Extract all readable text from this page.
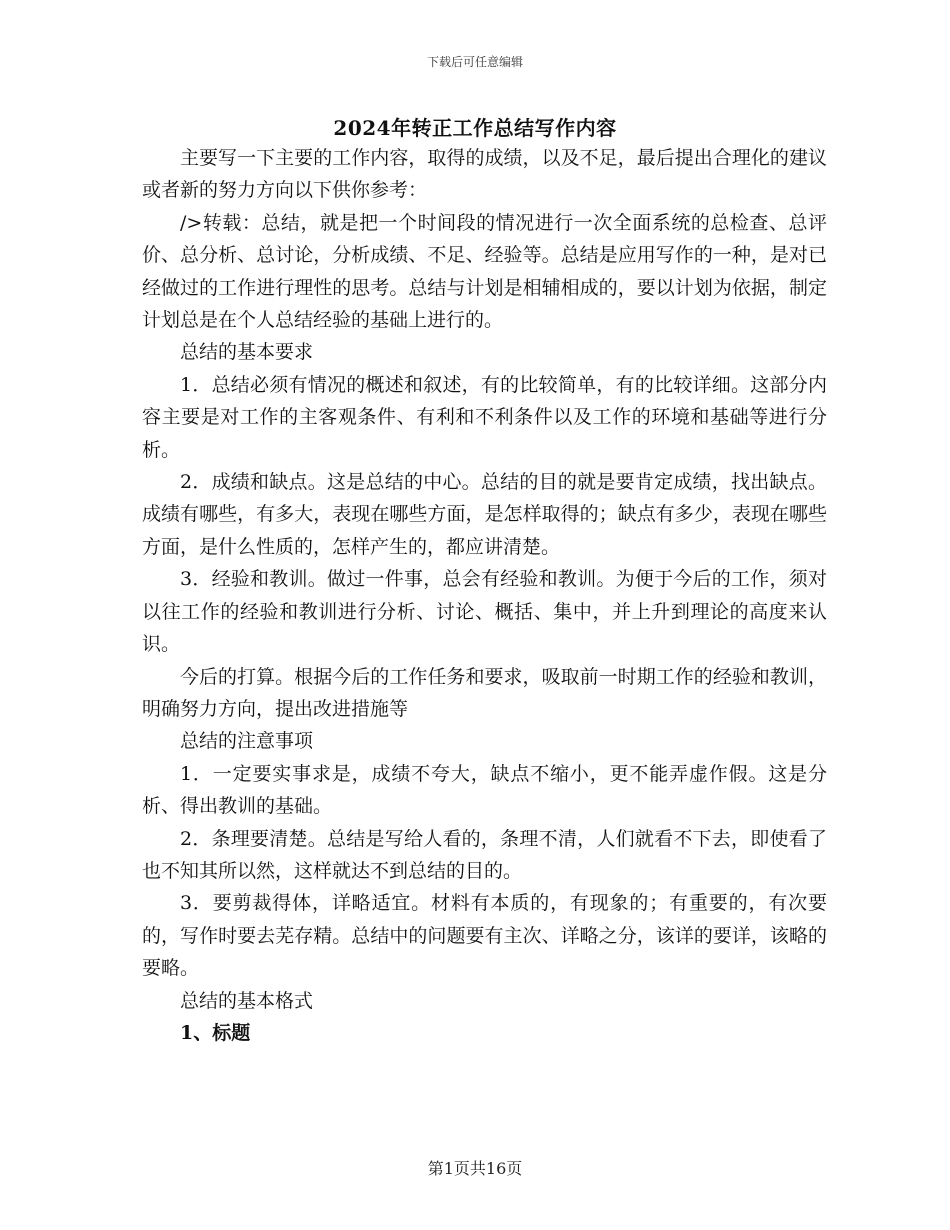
下载后可任意编辑
2024年转正工作总结写作内容

主要写一下主要的工作内容，取得的成绩，以及不足，最后提出合理化的建议或者新的努力方向以下供你参考：

/>转载：总结，就是把一个时间段的情况进行一次全面系统的总检查、总评价、总分析、总讨论，分析成绩、不足、经验等。总结是应用写作的一种，是对已经做过的工作进行理性的思考。总结与计划是相辅相成的，要以计划为依据，制定计划总是在个人总结经验的基础上进行的。

总结的基本要求

1．总结必须有情况的概述和叙述，有的比较简单，有的比较详细。这部分内容主要是对工作的主客观条件、有利和不利条件以及工作的环境和基础等进行分析。

2．成绩和缺点。这是总结的中心。总结的目的就是要肯定成绩，找出缺点。成绩有哪些，有多大，表现在哪些方面，是怎样取得的；缺点有多少，表现在哪些方面，是什么性质的，怎样产生的，都应讲清楚。

3．经验和教训。做过一件事，总会有经验和教训。为便于今后的工作，须对以往工作的经验和教训进行分析、讨论、概括、集中，并上升到理论的高度来认识。

今后的打算。根据今后的工作任务和要求，吸取前一时期工作的经验和教训，明确努力方向，提出改进措施等

总结的注意事项

1．一定要实事求是，成绩不夸大，缺点不缩小，更不能弄虚作假。这是分析、得出教训的基础。

2．条理要清楚。总结是写给人看的，条理不清，人们就看不下去，即使看了也不知其所以然，这样就达不到总结的目的。

3．要剪裁得体，详略适宜。材料有本质的，有现象的；有重要的，有次要的，写作时要去芜存精。总结中的问题要有主次、详略之分，该详的要详，该略的要略。

总结的基本格式

1、标题

第1页共16页
